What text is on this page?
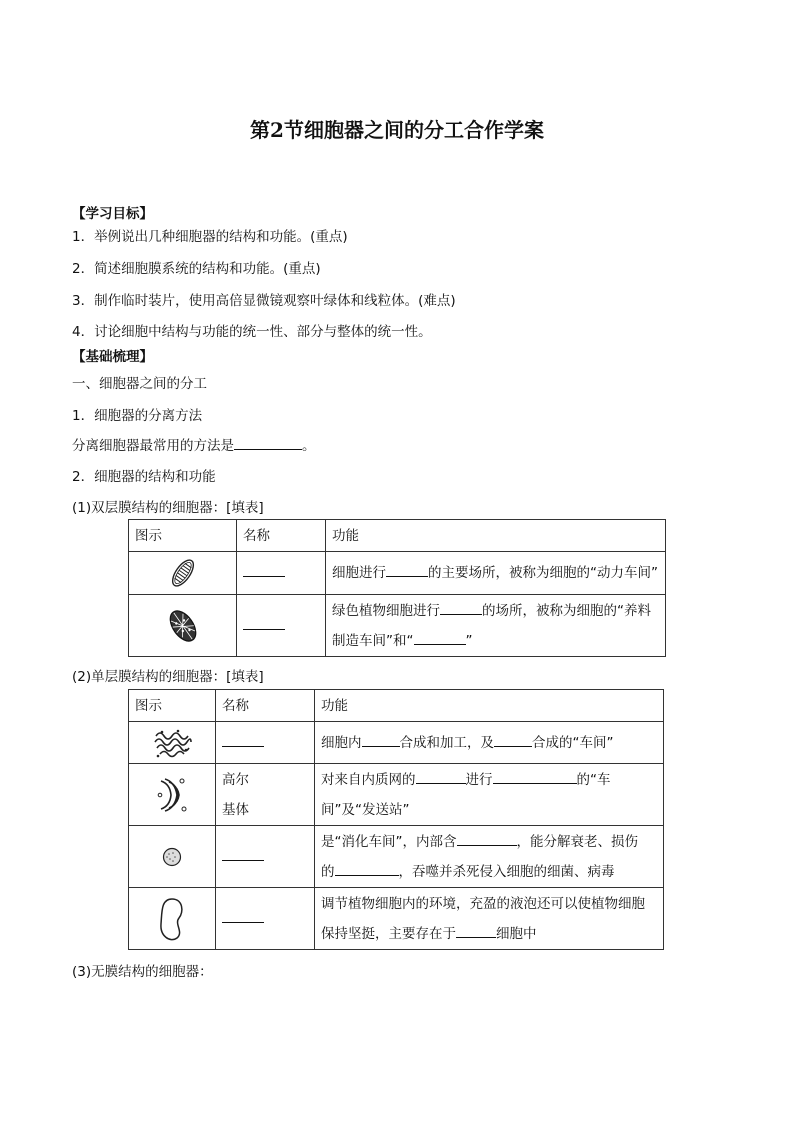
第2节细胞器之间的分工合作学案
【学习目标】
1．举例说出几种细胞器的结构和功能。(重点)
2．简述细胞膜系统的结构和功能。(重点)
3．制作临时装片，使用高倍显微镜观察叶绿体和线粒体。(难点)
4．讨论细胞中结构与功能的统一性、部分与整体的统一性。
【基础梳理】
一、细胞器之间的分工
1．细胞器的分离方法
分离细胞器最常用的方法是	。
2．细胞器的结构和功能
(1)双层膜结构的细胞器：[填表]
图示	名称	功能

		细胞进行 的主要场所，被称为细胞的“动力车间”

		绿色植物细胞进行 的场所，被称为细胞的“养料
制造车间”和“ ”
(2)单层膜结构的细胞器：[填表]
图示	名称	功能

		细胞内 合成和加工，及 合成的“车间”

	高尔
基体	对来自内质网的 进行 的“车
间”及“发送站”

		是“消化车间”，内部含 ，能分解衰老、损伤
的 ，吞噬并杀死侵入细胞的细菌、病毒

		调节植物细胞内的环境，充盈的液泡还可以使植物细胞
保持坚挺，主要存在于 细胞中
(3)无膜结构的细胞器：
